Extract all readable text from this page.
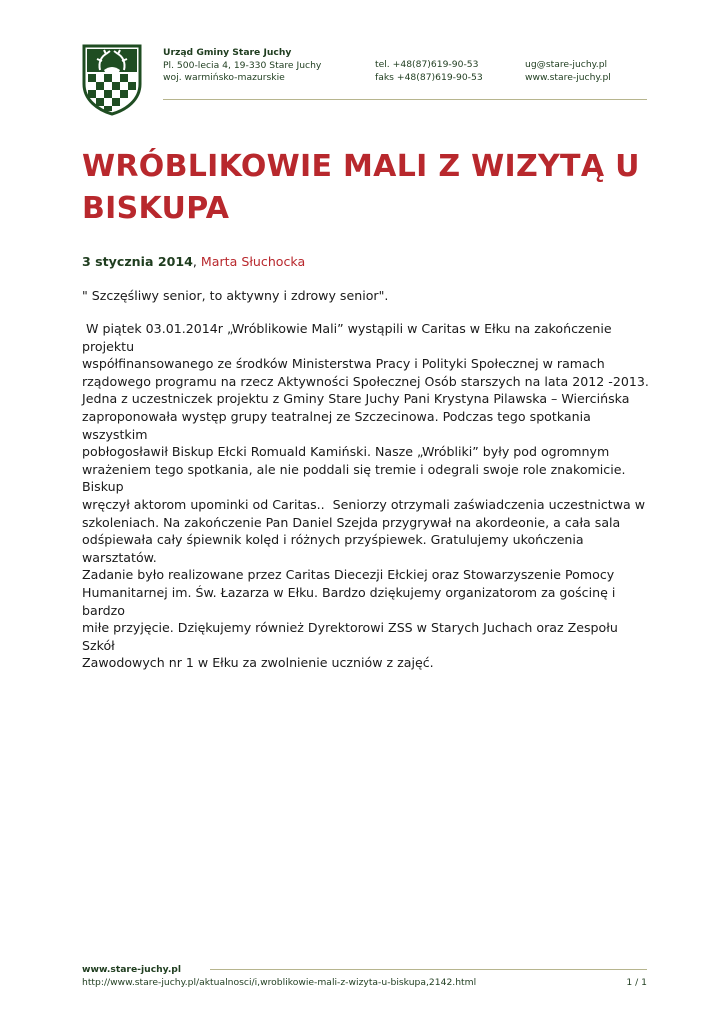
Urząd Gminy Stare Juchy
Pl. 500-lecia 4, 19-330 Stare Juchy
woj. warmińsko-mazurskie
tel. +48(87)619-90-53
faks +48(87)619-90-53
ug@stare-juchy.pl
www.stare-juchy.pl
WRÓBLIKOWIE MALI Z WIZYTĄ U BISKUPA
3 stycznia 2014, Marta Słuchocka

" Szczęśliwy senior, to aktywny i zdrowy senior".

W piątek 03.01.2014r „Wróblikowie Mali” wystąpili w Caritas w Ełku na zakończenie projektu
współfinansowanego ze środków Ministerstwa Pracy i Polityki Społecznej w ramach
rządowego programu na rzecz Aktywności Społecznej Osób starszych na lata 2012 -2013.
Jedna z uczestniczek projektu z Gminy Stare Juchy Pani Krystyna Pilawska – Wiercińska
zaproponowała występ grupy teatralnej ze Szczecinowa. Podczas tego spotkania wszystkim
pobłogosławił Biskup Ełcki Romuald Kamiński. Nasze „Wróbliki” były pod ogromnym
wrażeniem tego spotkania, ale nie poddali się tremie i odegrali swoje role znakomicie. Biskup
wręczył aktorom upominki od Caritas..  Seniorzy otrzymali zaświadczenia uczestnictwa w
szkoleniach. Na zakończenie Pan Daniel Szejda przygrywał na akordeonie, a cała sala
odśpiewała cały śpiewnik kolęd i różnych przyśpiewek. Gratulujemy ukończenia warsztatów.
Zadanie było realizowane przez Caritas Diecezji Ełckiej oraz Stowarzyszenie Pomocy
Humanitarnej im. Św. Łazarza w Ełku. Bardzo dziękujemy organizatorom za gościnę i bardzo
miłe przyjęcie. Dziękujemy również Dyrektorowi ZSS w Starych Juchach oraz Zespołu Szkół
Zawodowych nr 1 w Ełku za zwolnienie uczniów z zajęć.

www.stare-juchy.pl
http://www.stare-juchy.pl/aktualnosci/i,wroblikowie-mali-z-wizyta-u-biskupa,2142.html	1 / 1
